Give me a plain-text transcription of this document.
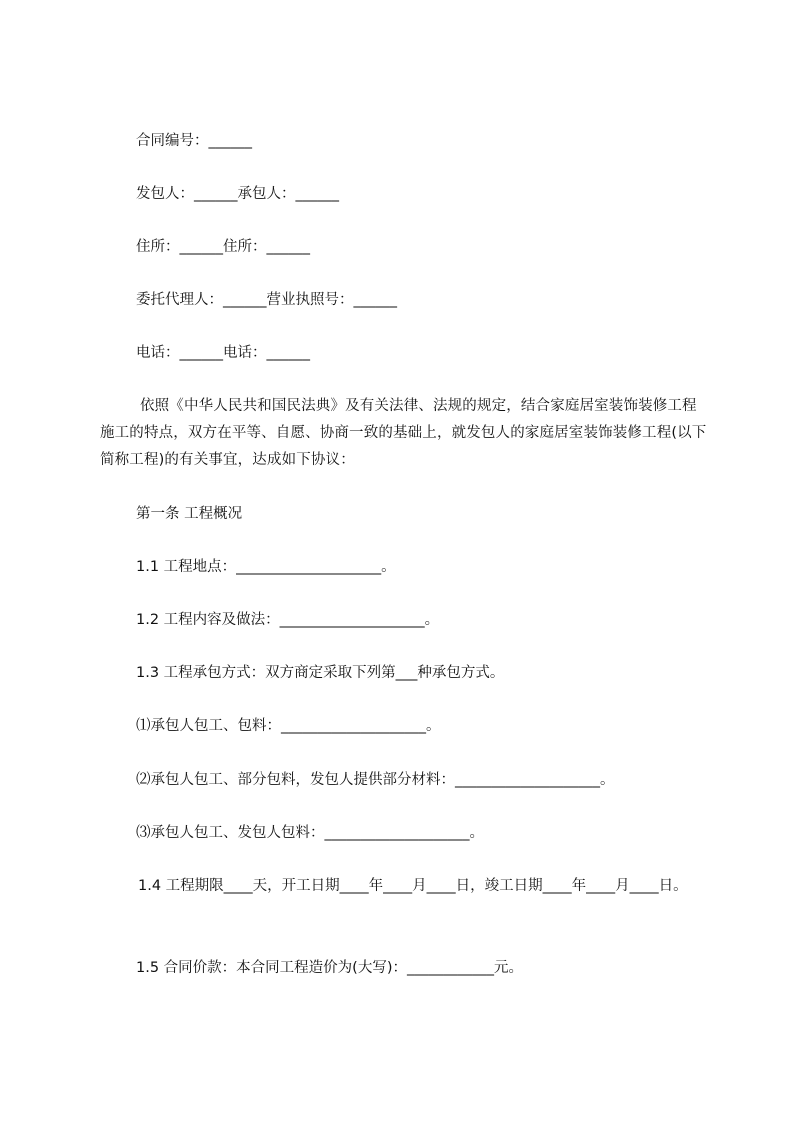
合同编号：______
发包人：______承包人：______
住所：______住所：______
委托代理人：______营业执照号：______
电话：______电话：______
依照《中华人民共和国民法典》及有关法律、法规的规定，结合家庭居室装饰装修工程施工的特点，双方在平等、自愿、协商一致的基础上，就发包人的家庭居室装饰装修工程(以下简称工程)的有关事宜，达成如下协议：
第一条 工程概况
1.1 工程地点：____________________。
1.2 工程内容及做法：____________________。
1.3 工程承包方式：双方商定采取下列第___种承包方式。
⑴承包人包工、包料：____________________。
⑵承包人包工、部分包料，发包人提供部分材料：____________________。
⑶承包人包工、发包人包料：____________________。
1.4 工程期限____天，开工日期____年____月____日，竣工日期____年____月____日。
1.5 合同价款：本合同工程造价为(大写)：____________元。
